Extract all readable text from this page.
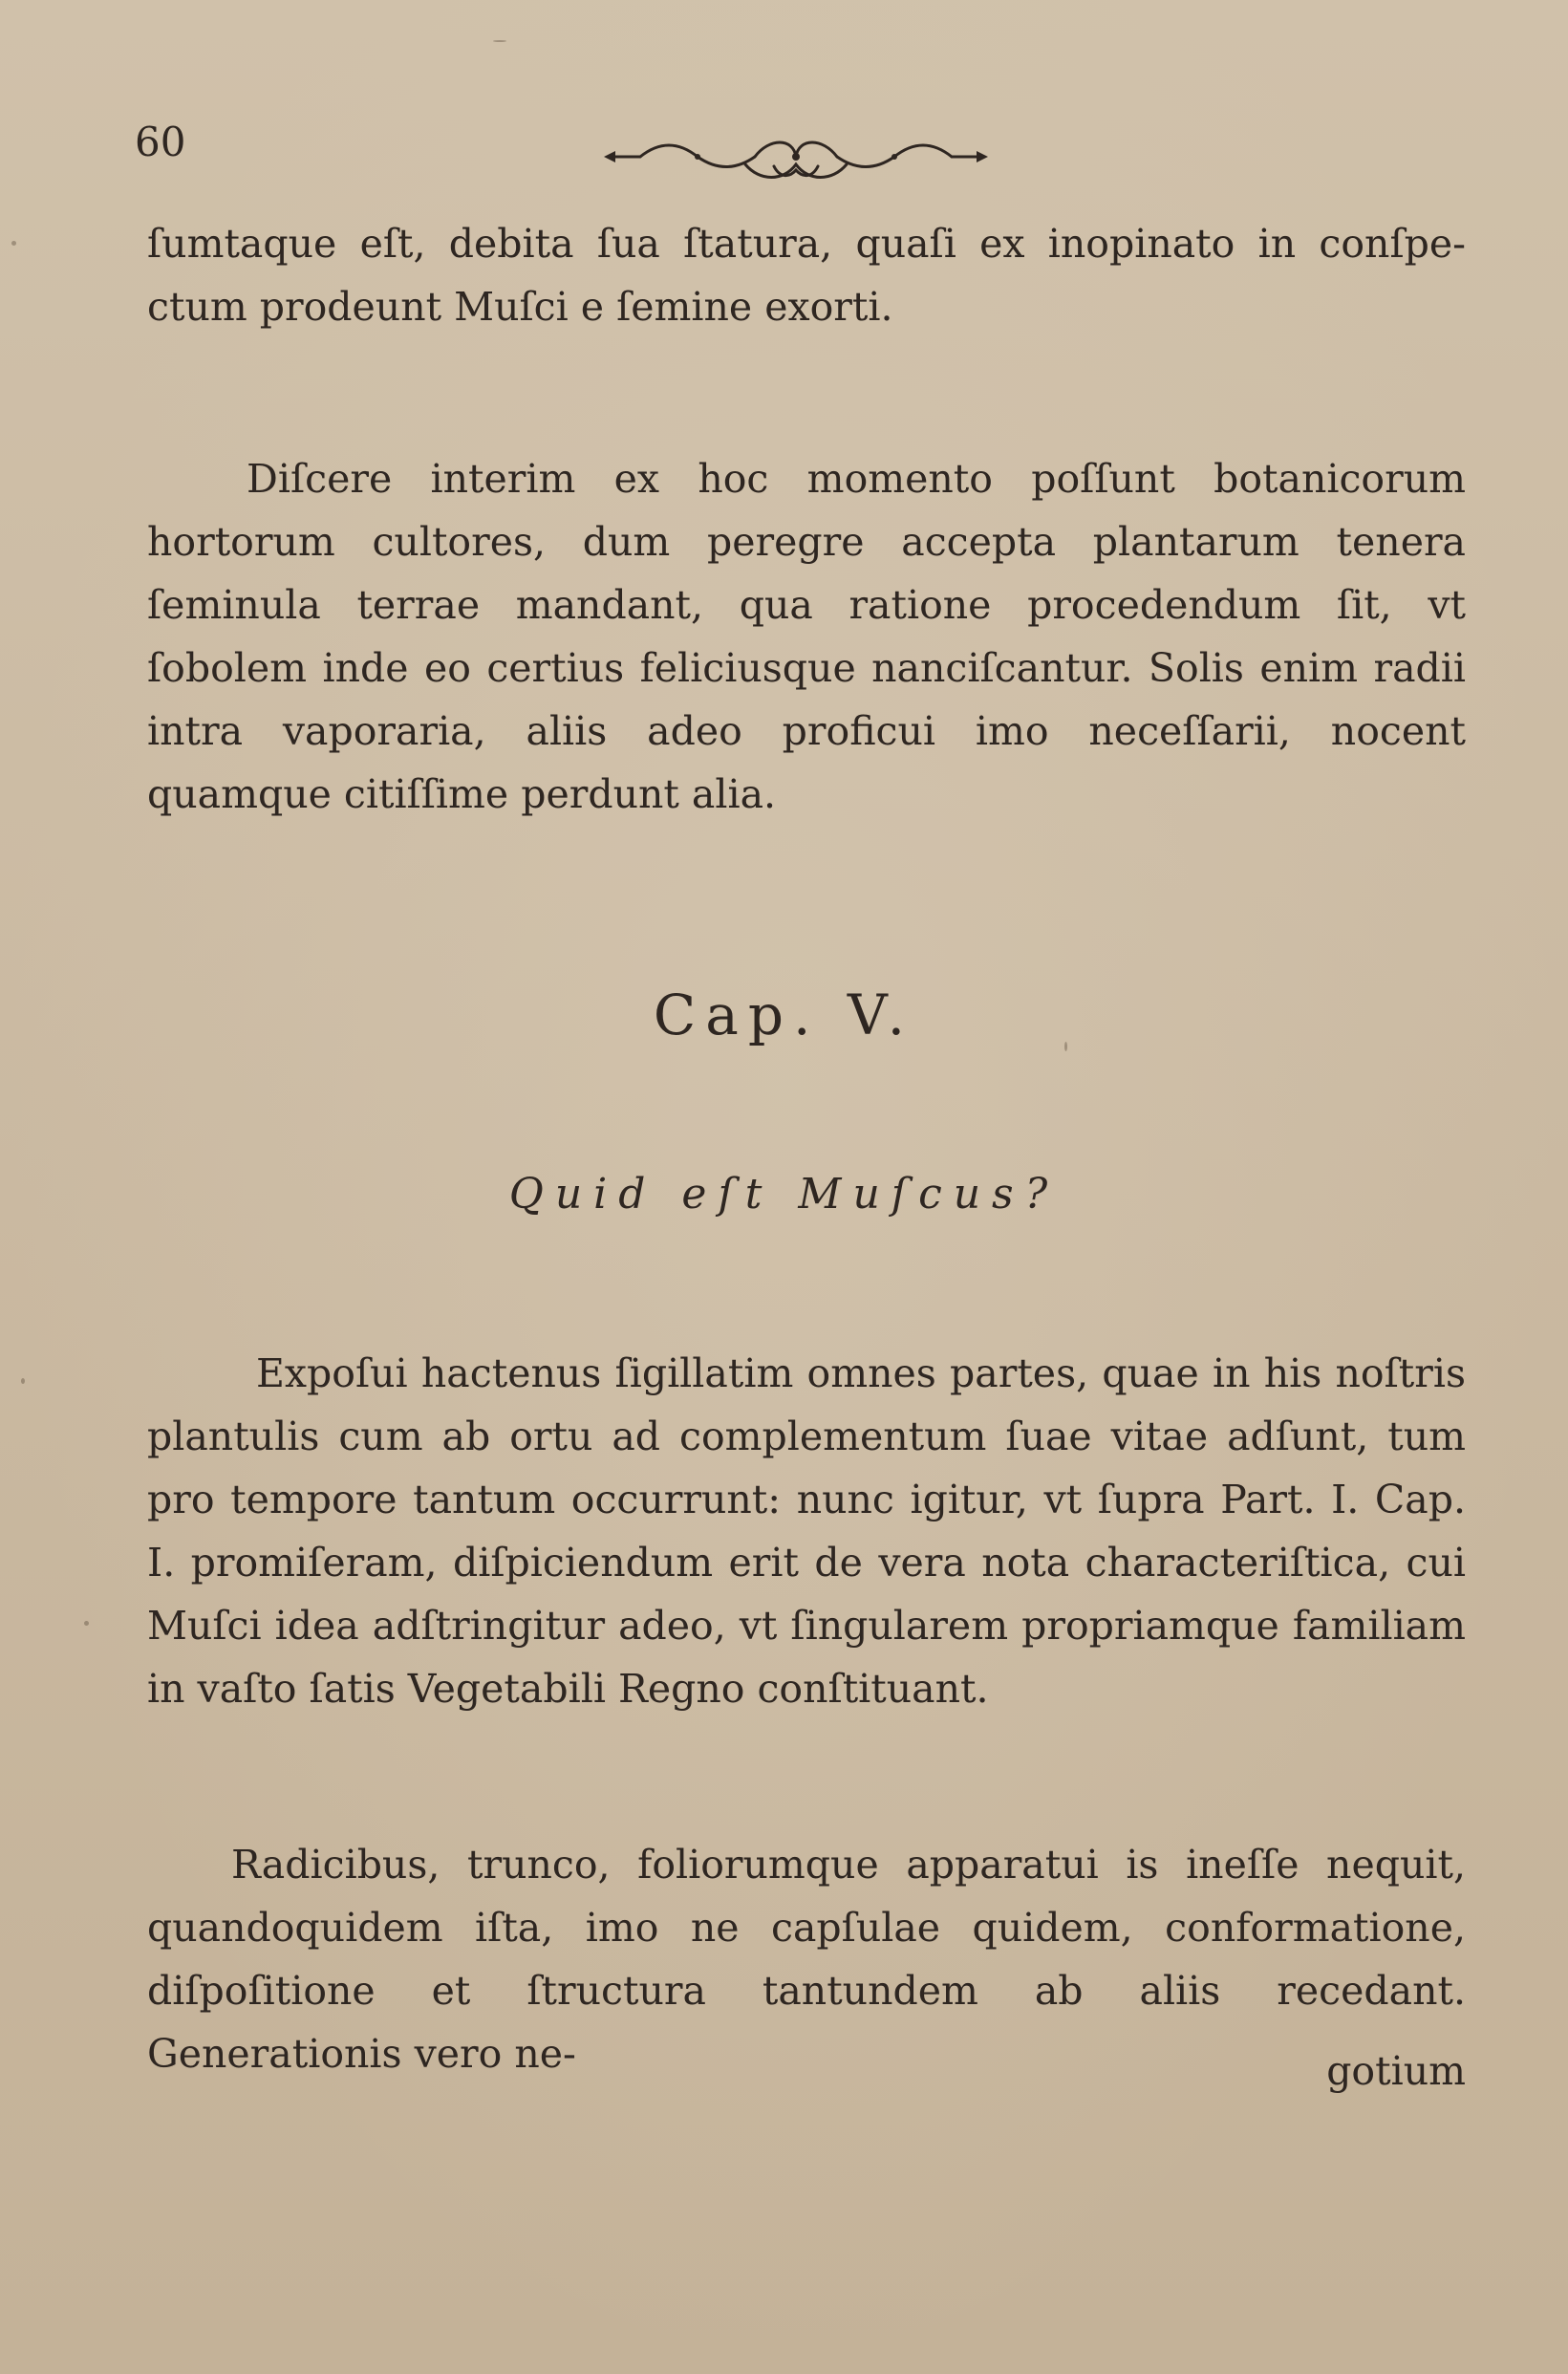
60
ſumtaque eſt, debita ſua ſtatura, quaſi ex inopinato in conſpe-ctum prodeunt Muſci e ſemine exorti.
Diſcere interim ex hoc momento poſſunt botanicorum hortorum cultores, dum peregre accepta plantarum tenera ſeminula terrae mandant, qua ratione procedendum ſit, vt ſobolem inde eo certius feliciusque nanciſcantur. Solis enim radii intra vaporaria, aliis adeo proficui imo neceſſarii, nocent quamque citiſſime perdunt alia.
Cap. V.
Quid eſt Muſcus?
Expoſui hactenus ſigillatim omnes partes, quae in his noſtris plantulis cum ab ortu ad complementum ſuae vitae adſunt, tum pro tempore tantum occurrunt: nunc igitur, vt ſupra Part. I. Cap. I. promiſeram, diſpiciendum erit de vera nota characteriſtica, cui Muſci idea adſtringitur adeo, vt ſingularem propriamque familiam in vaſto ſatis Vegetabili Regno conſtituant.
Radicibus, trunco, foliorumque apparatui is ineſſe nequit, quandoquidem iſta, imo ne capſulae quidem, conformatione, diſpoſitione et ſtructura tantundem ab aliis recedant. Generationis vero ne-	gotium
